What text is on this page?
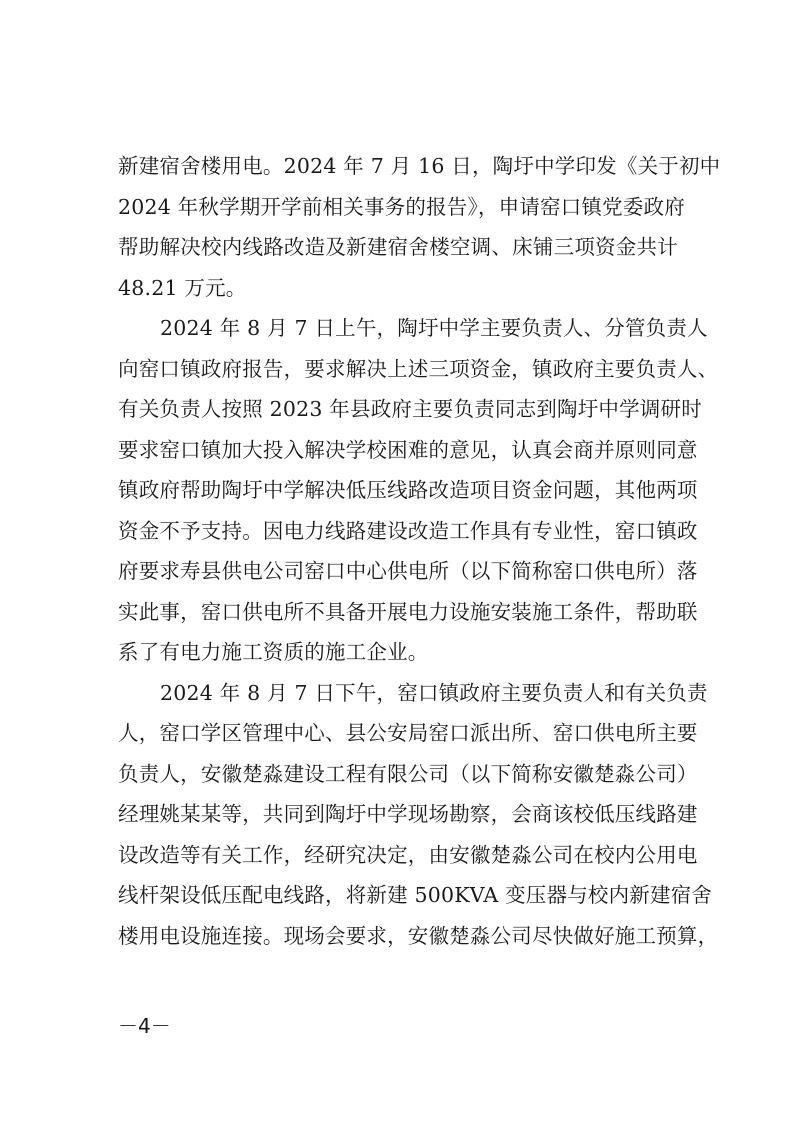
新建宿舍楼用电。2024 年 7 月 16 日，陶圩中学印发《关于初中
2024 年秋学期开学前相关事务的报告》，申请窑口镇党委政府
帮助解决校内线路改造及新建宿舍楼空调、床铺三项资金共计
48.21 万元。
2024 年 8 月 7 日上午，陶圩中学主要负责人、分管负责人
向窑口镇政府报告，要求解决上述三项资金，镇政府主要负责人、
有关负责人按照 2023 年县政府主要负责同志到陶圩中学调研时
要求窑口镇加大投入解决学校困难的意见，认真会商并原则同意
镇政府帮助陶圩中学解决低压线路改造项目资金问题，其他两项
资金不予支持。因电力线路建设改造工作具有专业性，窑口镇政
府要求寿县供电公司窑口中心供电所（以下简称窑口供电所）落
实此事，窑口供电所不具备开展电力设施安装施工条件，帮助联
系了有电力施工资质的施工企业。
2024 年 8 月 7 日下午，窑口镇政府主要负责人和有关负责
人，窑口学区管理中心、县公安局窑口派出所、窑口供电所主要
负责人，安徽楚淼建设工程有限公司（以下简称安徽楚淼公司）
经理姚某某等，共同到陶圩中学现场勘察，会商该校低压线路建
设改造等有关工作，经研究决定，由安徽楚淼公司在校内公用电
线杆架设低压配电线路，将新建 500KVA 变压器与校内新建宿舍
楼用电设施连接。现场会要求，安徽楚淼公司尽快做好施工预算，
－4－
